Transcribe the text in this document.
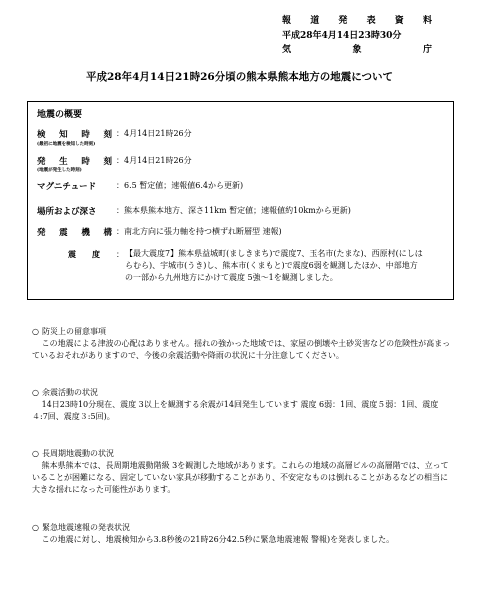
報 道 発 表 資 料
平成28年4月14日23時30分
気	象	庁
平成28年4月14日21時26分頃の熊本県熊本地方の地震について
地震の概要
検 知 時 刻
(最初に地震を検知した時刻)
：4月14日21時26分
発 生 時 刻
(地震が発生した時刻)
：4月14日21時26分
マグニチュード ：6.5 暫定値；速報値6.4から更新)
場所および深さ ：熊本県熊本地方、深さ11km 暫定値；速報値約10kmから更新)
発 震 機 構 ：南北方向に張力軸を持つ横ずれ断層型 速報)
震　　度 ： 【最大震度7】熊本県益城町(ましきまち)で震度7、玉名市(たまな)、西原村(にしはらむら)、宇城市(うき)し、熊本市(くまもと)で震度6弱を観測したほか、中部地方の一部から九州地方にかけて震度 5強～1を観測しました。
○ 防災上の留意事項
この地震による津波の心配はありません。揺れの強かった地域では、家屋の倒壊や土砂災害などの危険性が高まっているおそれがありますので、今後の余震活動や降雨の状況に十分注意してください。
○ 余震活動の状況
14日23時10分現在、震度 3以上を観測する余震が14回発生しています 震度 6弱：1回、震度５弱：1回、震度４:7回、震度３:5回)。
○ 長周期地震動の状況
熊本県熊本では、長周期地震動階級 3を観測した地域があります。これらの地域の高層ビルの高層階では、立っていることが困難になる、固定していない家具が移動することがあり、不安定なものは倒れることがあるなどの相当に大きな揺れになった可能性があります。
○ 緊急地震速報の発表状況
この地震に対し、地震検知から3.8秒後の21時26分42.5秒に緊急地震速報 警報)を発表しました。
